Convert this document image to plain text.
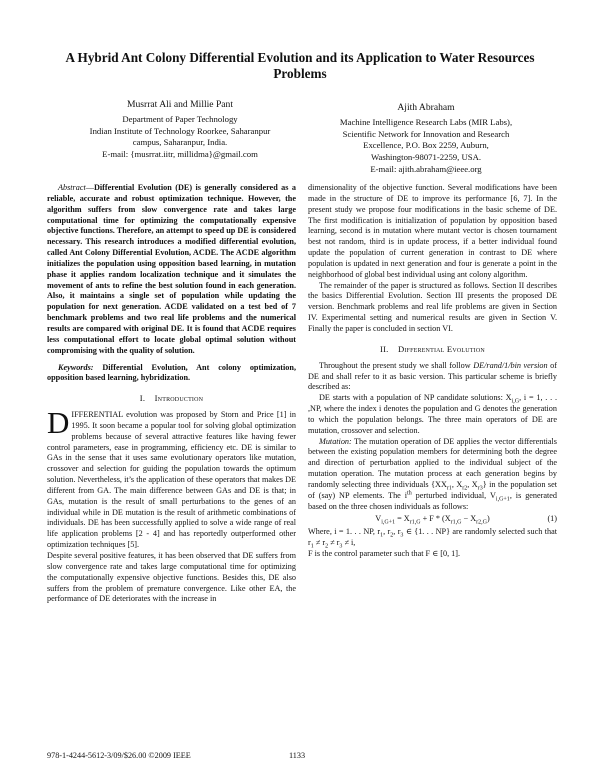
A Hybrid Ant Colony Differential Evolution and its Application to Water Resources Problems
Musrrat Ali and Millie Pant
Department of Paper Technology
Indian Institute of Technology Roorkee, Saharanpur
campus, Saharanpur, India.
E-mail: {musrrat.iitr, millidma}@gmail.com
Ajith Abraham
Machine Intelligence Research Labs (MIR Labs),
Scientific Network for Innovation and Research
Excellence, P.O. Box 2259, Auburn,
Washington-98071-2259, USA.
E-mail: ajith.abraham@ieee.org

Abstract—Differential Evolution (DE) is generally considered as a reliable, accurate and robust optimization technique. However, the algorithm suffers from slow convergence rate and takes large computational time for optimizing the computationally expensive objective functions. Therefore, an attempt to speed up DE is considered necessary. This research introduces a modified differential evolution, called Ant Colony Differential Evolution, ACDE. The ACDE algorithm initializes the population using opposition based learning, in mutation phase it applies random localization technique and it simulates the movement of ants to refine the best solution found in each generation. Also, it maintains a single set of population while updating the population for next generation. ACDE validated on a test bed of 7 benchmark problems and two real life problems and the numerical results are compared with original DE. It is found that ACDE requires less computational effort to locate global optimal solution without compromising with the quality of solution.

Keywords: Differential Evolution, Ant colony optimization, opposition based learning, hybridization.

I. Introduction

DIFFERENTIAL evolution was proposed by Storn and Price [1] in 1995. It soon became a popular tool for solving global optimization problems because of several attractive features like having fewer control parameters, ease in programming, efficiency etc. DE is similar to GAs in the sense that it uses same evolutionary operators like mutation, crossover and selection for guiding the population towards the optimum solution. Nevertheless, it’s the application of these operators that makes DE different from GA. The main difference between GAs and DE is that; in GAs, mutation is the result of small perturbations to the genes of an individual while in DE mutation is the result of arithmetic combinations of individuals. DE has been successfully applied to solve a wide range of real life application problems [2 - 4] and has reportedly outperformed other optimization techniques [5].

Despite several positive features, it has been observed that DE suffers from slow convergence rate and takes large computational time for optimizing the computationally expensive objective functions. Besides this, DE also suffers from the problem of premature convergence. Like other EA, the performance of DE deteriorates with the increase in

dimensionality of the objective function. Several modifications have been made in the structure of DE to improve its performance [6, 7]. In the present study we propose four modifications in the basic scheme of DE. The first modification is initialization of population by opposition based learning, second is in mutation where mutant vector is chosen tournament best not random, third is in update process, if a better individual found update the population of current generation in contrast to DE where population is updated in next generation and four is generate a point in the neighborhood of global best individual using ant colony algorithm.

The remainder of the paper is structured as follows. Section II describes the basics Differential Evolution. Section III presents the proposed DE version. Benchmark problems and real life problems are given in Section IV. Experimental setting and numerical results are given in Section V. Finally the paper is concluded in section VI.

II. Differential Evolution

Throughout the present study we shall follow DE/rand/1/bin version of DE and shall refer to it as basic version. This particular scheme is briefly described as:

DE starts with a population of NP candidate solutions: $X_{i,G}$, i = 1, . . . ,NP, where the index i denotes the population and G denotes the generation to which the population belongs. The three main operators of DE are mutation, crossover and selection.

Mutation: The mutation operation of DE applies the vector differentials between the existing population members for determining both the degree and direction of perturbation applied to the individual subject of the mutation operation. The mutation process at each generation begins by randomly selecting three individuals {$XX_{r1}$, $X_{r2}$, $X_{r3}$} in the population set of (say) NP elements. The $i^{th}$ perturbed individual, $V_{i,G+1}$, is generated based on the three chosen individuals as follows:

$V_{i,G+1} = X_{r1,G} + F * (X_{r1,G} - X_{r2,G})$	(1)

Where, i = 1. . . NP, $r_1$, $r_2$, $r_3$ ∈ {1. . . NP} are randomly selected such that $r_1 \ne r_2 \ne r_3 \ne i$,

F is the control parameter such that F ∈ [0, 1].

978-1-4244-5612-3/09/$26.00 ©2009 IEEE	1133
